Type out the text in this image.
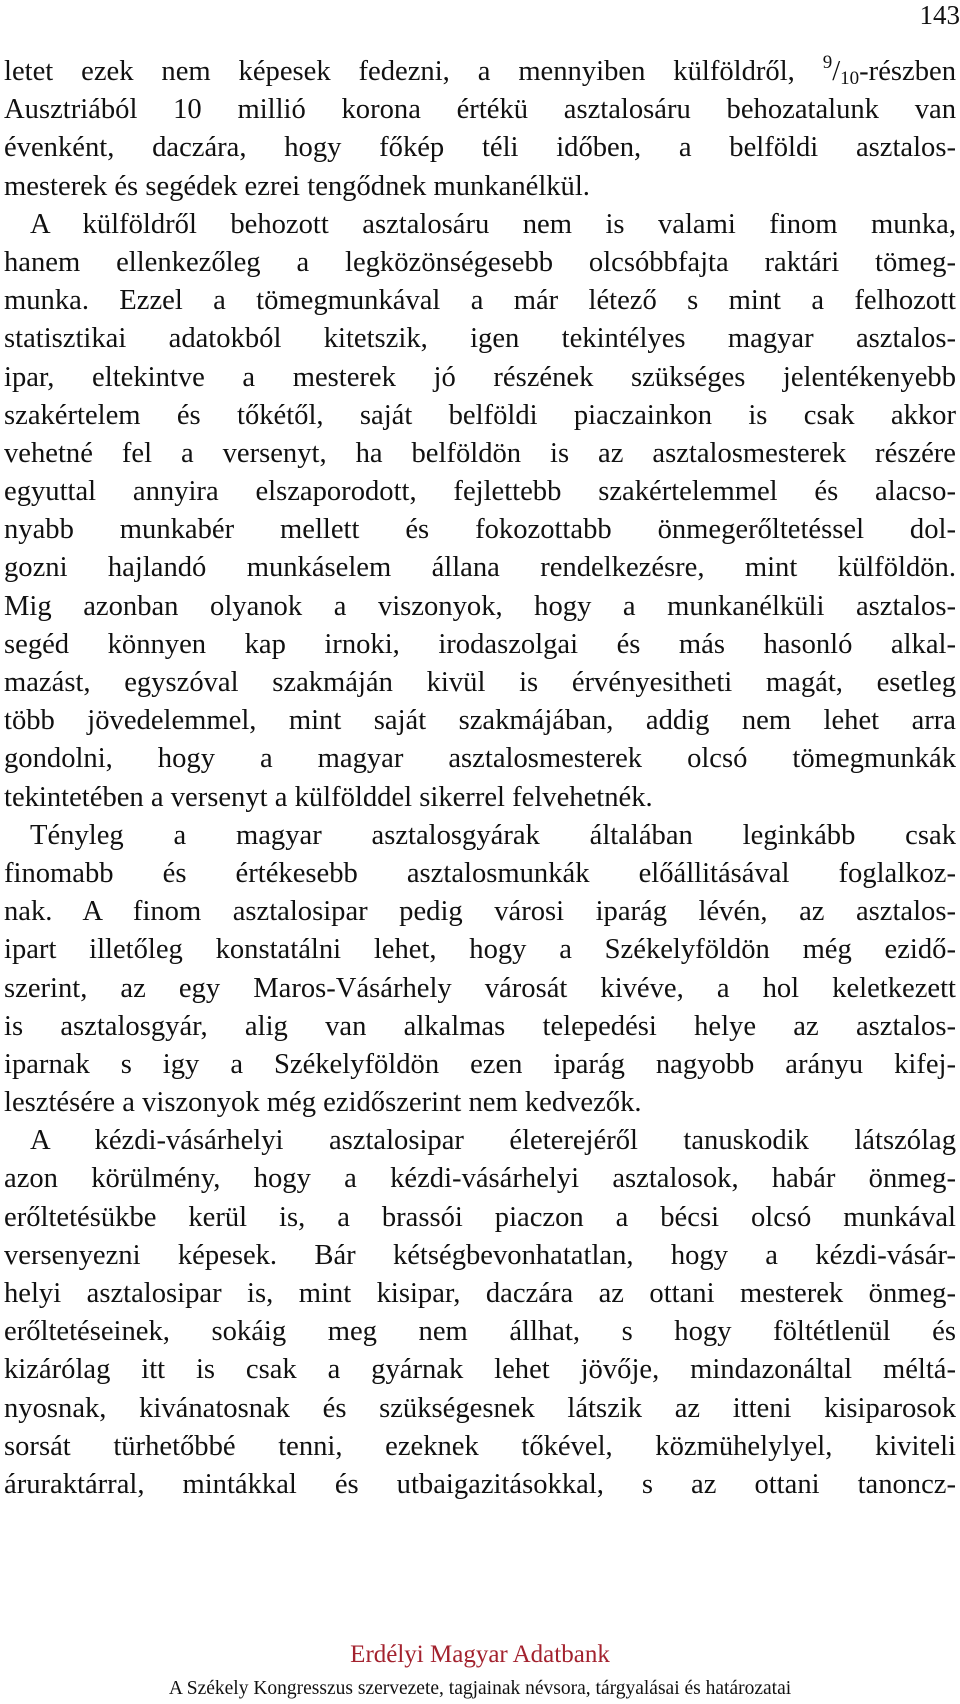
143
letet ezek nem képesek fedezni, a mennyiben külföldről, $^9$/10-részben
Ausztriából 10 millió korona értékü asztalosáru behozatalunk van
évenként, daczára, hogy főkép téli időben, a belföldi asztalos-
mesterek és segédek ezrei tengődnek munkanélkül.
A külföldről behozott asztalosáru nem is valami finom munka,
hanem ellenkezőleg a legközönségesebb olcsóbbfajta raktári tömeg-
munka. Ezzel a tömegmunkával a már létező s mint a felhozott
statisztikai adatokból kitetszik, igen tekintélyes magyar asztalos-
ipar, eltekintve a mesterek jó részének szükséges jelentékenyebb
szakértelem és tőkétől, saját belföldi piaczainkon is csak akkor
vehetné fel a versenyt, ha belföldön is az asztalosmesterek részére
egyuttal annyira elszaporodott, fejlettebb szakértelemmel és alacso-
nyabb munkabér mellett és fokozottabb önmegerőltetéssel dol-
gozni hajlandó munkáselem állana rendelkezésre, mint külföldön.
Mig azonban olyanok a viszonyok, hogy a munkanélküli asztalos-
segéd könnyen kap irnoki, irodaszolgai és más hasonló alkal-
mazást, egyszóval szakmáján kivül is érvényesitheti magát, esetleg
több jövedelemmel, mint saját szakmájában, addig nem lehet arra
gondolni, hogy a magyar asztalosmesterek olcsó tömegmunkák
tekintetében a versenyt a külfölddel sikerrel felvehetnék.
Tényleg a magyar asztalosgyárak általában leginkább csak
finomabb és értékesebb asztalosmunkák előállitásával foglalkoz-
nak. A finom asztalosipar pedig városi iparág lévén, az asztalos-
ipart illetőleg konstatálni lehet, hogy a Székelyföldön még ezidő-
szerint, az egy Maros-Vásárhely városát kivéve, a hol keletkezett
is asztalosgyár, alig van alkalmas telepedési helye az asztalos-
iparnak s igy a Székelyföldön ezen iparág nagyobb arányu kifej-
lesztésére a viszonyok még ezidőszerint nem kedvezők.
A kézdi-vásárhelyi asztalosipar életerejéről tanuskodik látszólag
azon körülmény, hogy a kézdi-vásárhelyi asztalosok, habár önmeg-
erőltetésükbe kerül is, a brassói piaczon a bécsi olcsó munkával
versenyezni képesek. Bár kétségbevonhatatlan, hogy a kézdi-vásár-
helyi asztalosipar is, mint kisipar, daczára az ottani mesterek önmeg-
erőltetéseinek, sokáig meg nem állhat, s hogy föltétlenül és
kizárólag itt is csak a gyárnak lehet jövője, mindazonáltal méltá-
nyosnak, kivánatosnak és szükségesnek látszik az itteni kisiparosok
sorsát türhetőbbé tenni, ezeknek tőkével, közmühelylyel, kiviteli
áruraktárral, mintákkal és utbaigazitásokkal, s az ottani tanoncz-
Erdélyi Magyar Adatbank
A Székely Kongresszus szervezete, tagjainak névsora, tárgyalásai és határozatai
